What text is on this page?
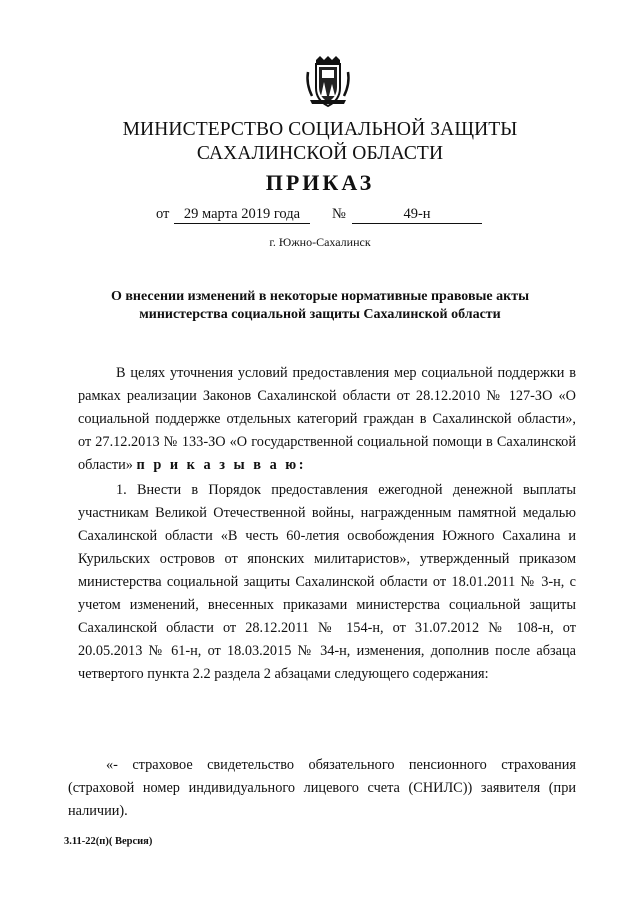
МИНИСТЕРСТВО СОЦИАЛЬНОЙ ЗАЩИТЫ
САХАЛИНСКОЙ ОБЛАСТИ
ПРИКАЗ
от	29 марта 2019 года	№	49-н
г. Южно-Сахалинск
О внесении изменений в некоторые нормативные правовые акты
министерства социальной защиты Сахалинской области

В целях уточнения условий предоставления мер социальной поддержки в рамках реализации Законов Сахалинской области от 28.12.2010 № 127-ЗО «О социальной поддержке отдельных категорий граждан в Сахалинской области», от 27.12.2013 № 133-ЗО «О государственной социальной помощи в Сахалинской области» п р и к а з ы в а ю:

1. Внести в Порядок предоставления ежегодной денежной выплаты участникам Великой Отечественной войны, награжденным памятной медалью Сахалинской области «В честь 60-летия освобождения Южного Сахалина и Курильских островов от японских милитаристов», утвержденный приказом министерства социальной защиты Сахалинской области от 18.01.2011 № 3-н, с учетом изменений, внесенных приказами министерства социальной защиты Сахалинской области от 28.12.2011 № 154-н, от 31.07.2012 № 108-н, от 20.05.2013 № 61-н, от 18.03.2015 № 34-н, изменения, дополнив после абзаца четвертого пункта 2.2 раздела 2 абзацами следующего содержания:

«- страховое свидетельство обязательного пенсионного страхования (страховой номер индивидуального лицевого счета (СНИЛС)) заявителя (при наличии).

3.11-22(п)( Версия)
